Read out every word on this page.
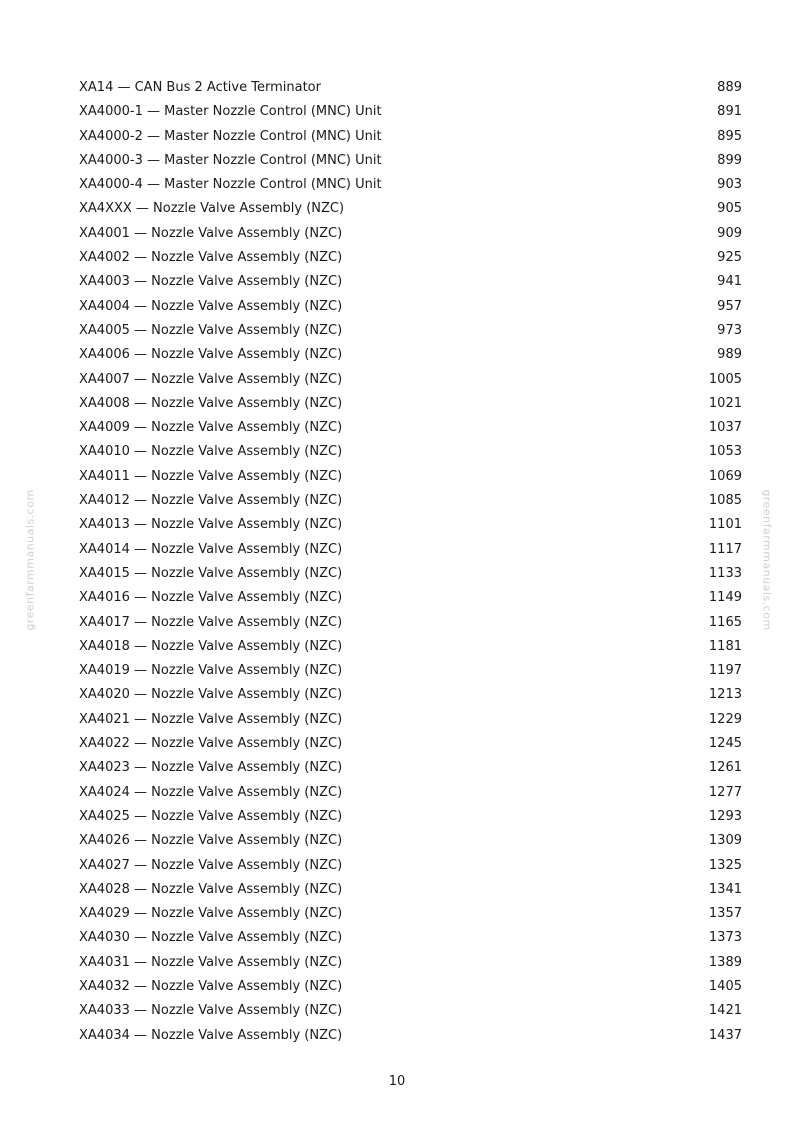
greenfarmmanuals.com	greenfarmmanuals.com
XA14 — CAN Bus 2 Active Terminator	889
XA4000-1 — Master Nozzle Control (MNC) Unit	891
XA4000-2 — Master Nozzle Control (MNC) Unit	895
XA4000-3 — Master Nozzle Control (MNC) Unit	899
XA4000-4 — Master Nozzle Control (MNC) Unit	903
XA4XXX — Nozzle Valve Assembly (NZC)	905
XA4001 — Nozzle Valve Assembly (NZC)	909
XA4002 — Nozzle Valve Assembly (NZC)	925
XA4003 — Nozzle Valve Assembly (NZC)	941
XA4004 — Nozzle Valve Assembly (NZC)	957
XA4005 — Nozzle Valve Assembly (NZC)	973
XA4006 — Nozzle Valve Assembly (NZC)	989
XA4007 — Nozzle Valve Assembly (NZC)	1005
XA4008 — Nozzle Valve Assembly (NZC)	1021
XA4009 — Nozzle Valve Assembly (NZC)	1037
XA4010 — Nozzle Valve Assembly (NZC)	1053
XA4011 — Nozzle Valve Assembly (NZC)	1069
XA4012 — Nozzle Valve Assembly (NZC)	1085
XA4013 — Nozzle Valve Assembly (NZC)	1101
XA4014 — Nozzle Valve Assembly (NZC)	1117
XA4015 — Nozzle Valve Assembly (NZC)	1133
XA4016 — Nozzle Valve Assembly (NZC)	1149
XA4017 — Nozzle Valve Assembly (NZC)	1165
XA4018 — Nozzle Valve Assembly (NZC)	1181
XA4019 — Nozzle Valve Assembly (NZC)	1197
XA4020 — Nozzle Valve Assembly (NZC)	1213
XA4021 — Nozzle Valve Assembly (NZC)	1229
XA4022 — Nozzle Valve Assembly (NZC)	1245
XA4023 — Nozzle Valve Assembly (NZC)	1261
XA4024 — Nozzle Valve Assembly (NZC)	1277
XA4025 — Nozzle Valve Assembly (NZC)	1293
XA4026 — Nozzle Valve Assembly (NZC)	1309
XA4027 — Nozzle Valve Assembly (NZC)	1325
XA4028 — Nozzle Valve Assembly (NZC)	1341
XA4029 — Nozzle Valve Assembly (NZC)	1357
XA4030 — Nozzle Valve Assembly (NZC)	1373
XA4031 — Nozzle Valve Assembly (NZC)	1389
XA4032 — Nozzle Valve Assembly (NZC)	1405
XA4033 — Nozzle Valve Assembly (NZC)	1421
XA4034 — Nozzle Valve Assembly (NZC)	1437
10
